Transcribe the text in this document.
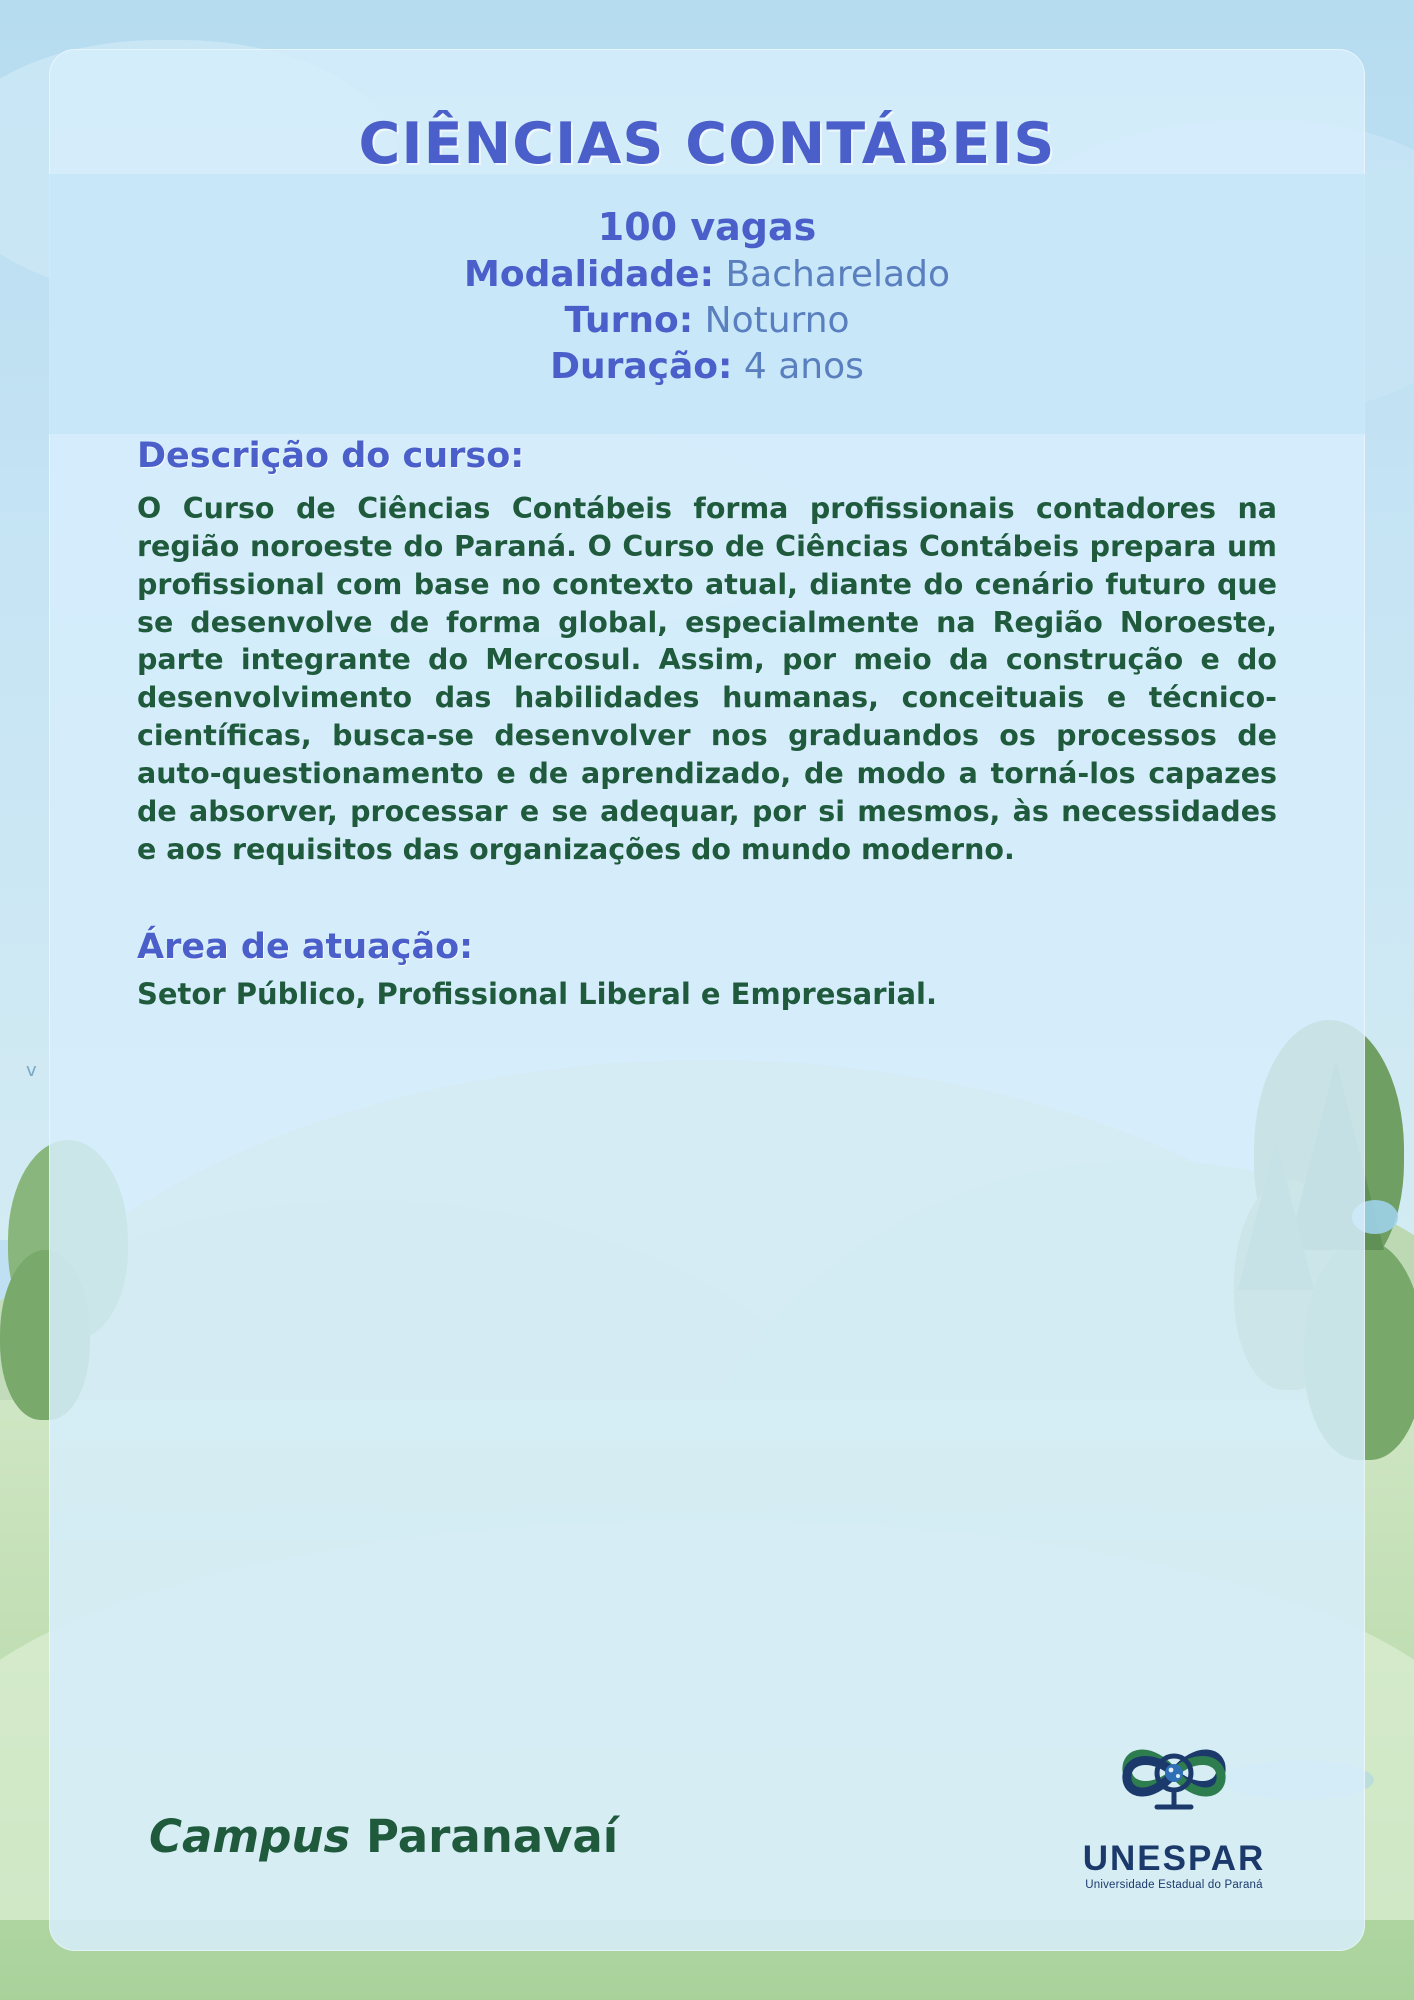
v
CIÊNCIAS CONTÁBEIS
100 vagas
Modalidade: Bacharelado
Turno: Noturno
Duração: 4 anos
Descrição do curso:

O Curso de Ciências Contábeis forma profissionais contadores na região noroeste do Paraná. O Curso de Ciências Contábeis prepara um profissional com base no contexto atual, diante do cenário futuro que se desenvolve de forma global, especialmente na Região Noroeste, parte integrante do Mercosul. Assim, por meio da construção e do desenvolvimento das habilidades humanas, conceituais e técnico-científicas, busca-se desenvolver nos graduandos os processos de auto-questionamento e de aprendizado, de modo a torná-los capazes de absorver, processar e se adequar, por si mesmos, às necessidades e aos requisitos das organizações do mundo moderno.

Área de atuação:

Setor Público, Profissional Liberal e Empresarial.

Campus Paranavaí	UNESPAR
Universidade Estadual do Paraná
